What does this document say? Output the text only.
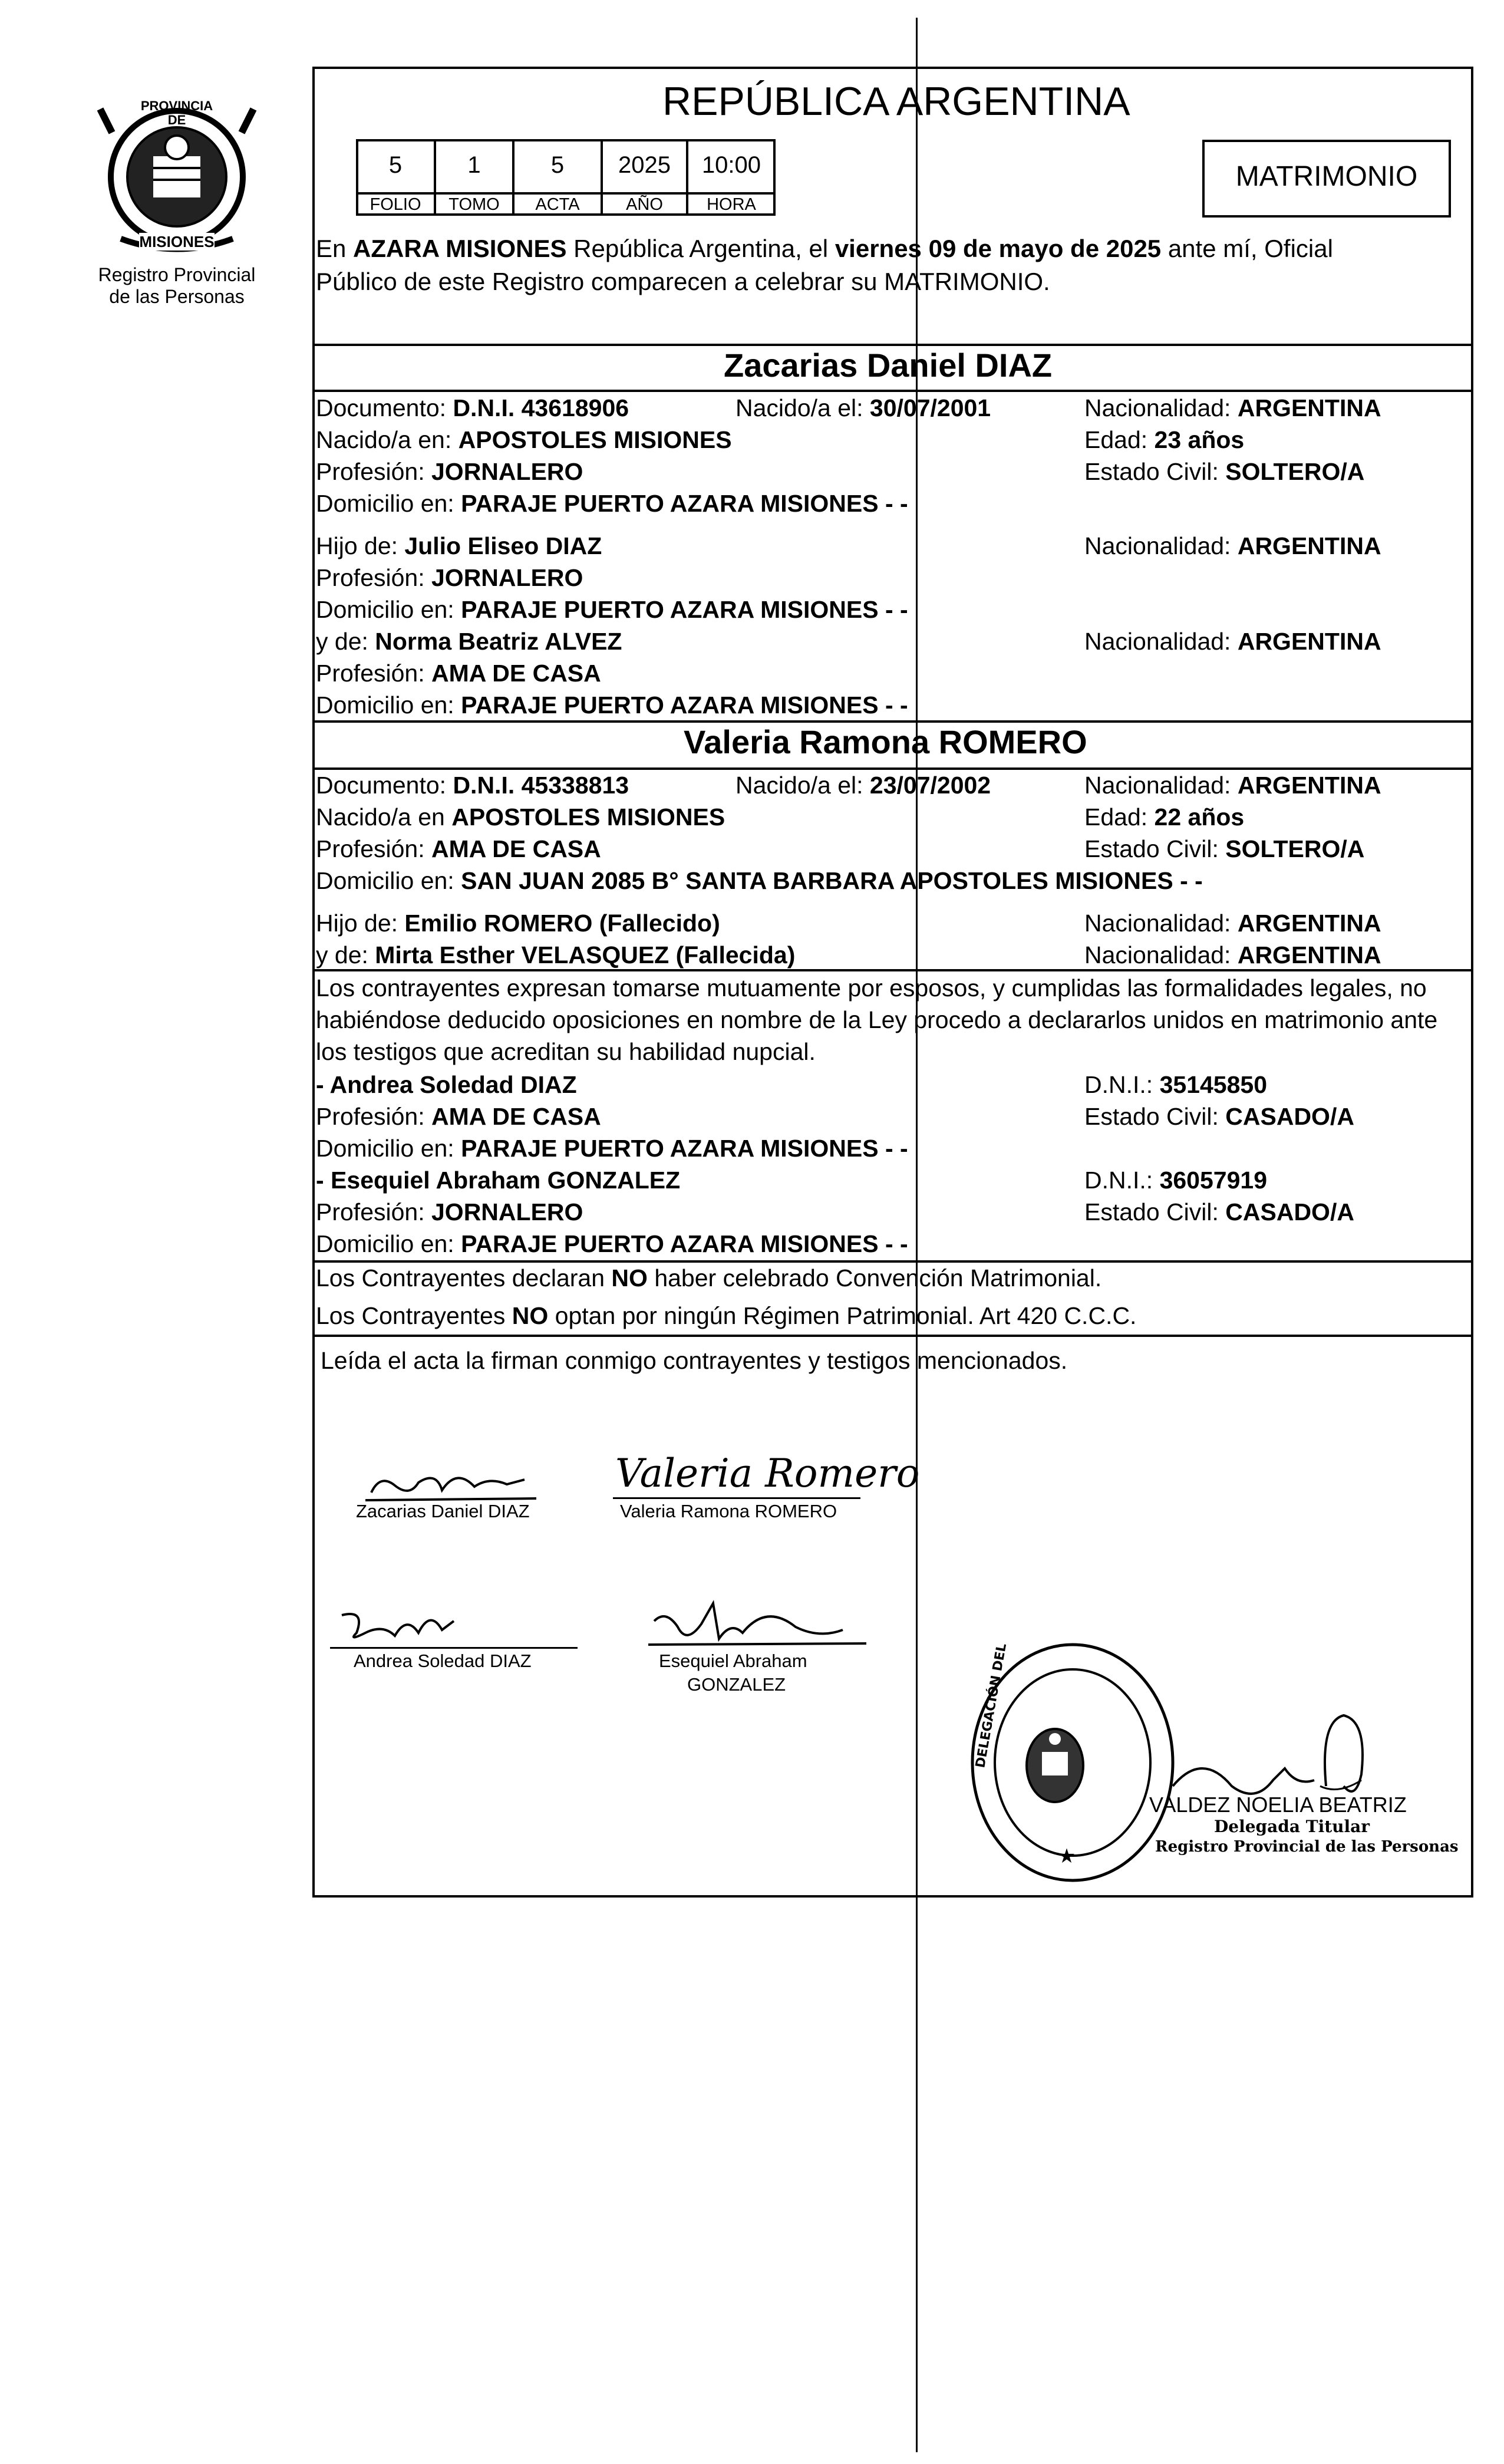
PROVINCIA DE
MISIONES
Registro Provincial
de las Personas
REPÚBLICA ARGENTINA
5	1	5	2025	10:00
FOLIO	TOMO	ACTA	AÑO	HORA
MATRIMONIO
En AZARA MISIONES República Argentina, el viernes 09 de mayo de 2025 ante mí, Oficial
Público de este Registro comparecen a celebrar su MATRIMONIO.
Zacarias Daniel DIAZ
Documento: D.N.I. 43618906	Nacido/a el: 30/07/2001	Nacionalidad: ARGENTINA
Nacido/a en: APOSTOLES MISIONES	Edad: 23 años
Profesión: JORNALERO	Estado Civil: SOLTERO/A
Domicilio en: PARAJE PUERTO AZARA MISIONES - -
Hijo de: Julio Eliseo DIAZ	Nacionalidad: ARGENTINA
Profesión: JORNALERO
Domicilio en: PARAJE PUERTO AZARA MISIONES - -
y de: Norma Beatriz ALVEZ	Nacionalidad: ARGENTINA
Profesión: AMA DE CASA
Domicilio en: PARAJE PUERTO AZARA MISIONES - -
Valeria Ramona ROMERO
Documento: D.N.I. 45338813	Nacido/a el: 23/07/2002	Nacionalidad: ARGENTINA
Nacido/a en APOSTOLES MISIONES	Edad: 22 años
Profesión: AMA DE CASA	Estado Civil: SOLTERO/A
Domicilio en: SAN JUAN 2085 B° SANTA BARBARA APOSTOLES MISIONES - -
Hijo de: Emilio ROMERO (Fallecido)	Nacionalidad: ARGENTINA
y de: Mirta Esther VELASQUEZ (Fallecida)	Nacionalidad: ARGENTINA
Los contrayentes expresan tomarse mutuamente por esposos, y cumplidas las formalidades legales, no
habiéndose deducido oposiciones en nombre de la Ley procedo a declararlos unidos en matrimonio ante
los testigos que acreditan su habilidad nupcial.
- Andrea Soledad DIAZ	D.N.I.: 35145850
Profesión: AMA DE CASA	Estado Civil: CASADO/A
Domicilio en: PARAJE PUERTO AZARA MISIONES - -
- Esequiel Abraham GONZALEZ	D.N.I.: 36057919
Profesión: JORNALERO	Estado Civil: CASADO/A
Domicilio en: PARAJE PUERTO AZARA MISIONES - -
Los Contrayentes declaran NO haber celebrado Convención Matrimonial.
Los Contrayentes NO optan por ningún Régimen Patrimonial. Art 420 C.C.C.
Leída el acta la firman conmigo contrayentes y testigos mencionados.
Zacarias Daniel DIAZ
Valeria Romero
Valeria Ramona ROMERO
Andrea Soledad DIAZ	Esequiel Abraham
GONZALEZ
★
DELEGACIÓN DEL
VALDEZ NOELIA BEATRIZ
Delegada Titular
Registro Provincial de las Personas
